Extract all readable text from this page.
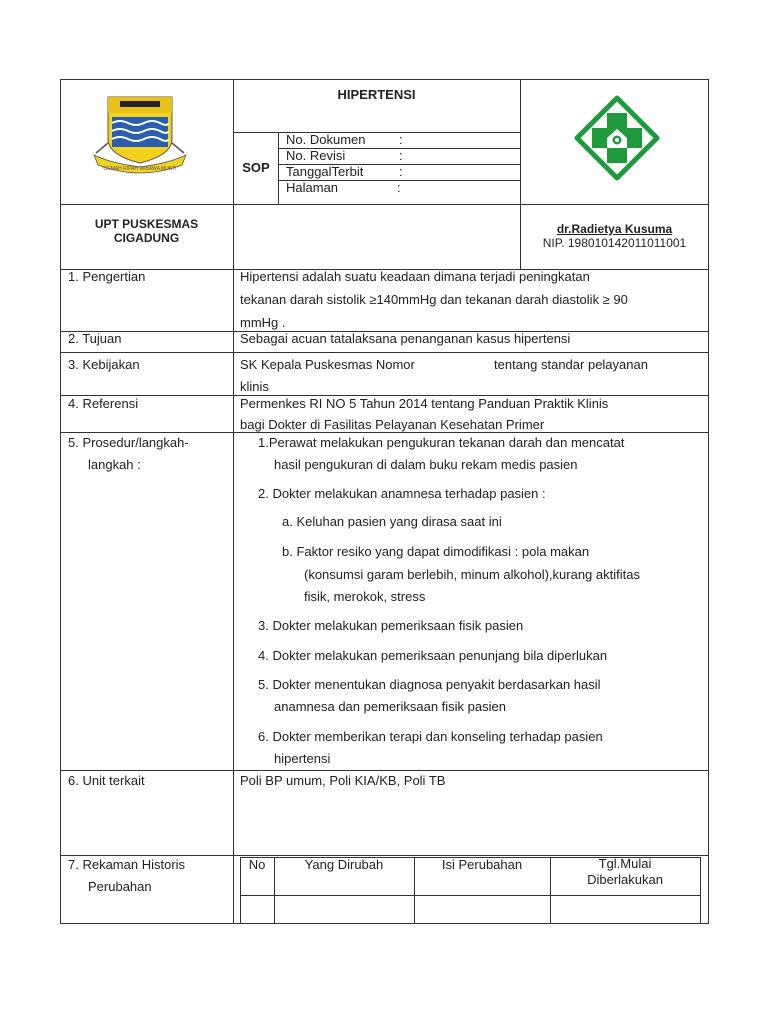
GEMAH RIPAH WIBAWA MUKTI
HIPERTENSI
SOP
No. Dokumen	:
No. Revisi	:
TanggalTerbit	:
Halaman	:
UPT PUSKESMAS
CIGADUNG
dr.Radietya Kusuma
NIP. 198010142011011001
1. Pengertian	Hipertensi adalah suatu keadaan dimana terjadi peningkatan
tekanan darah sistolik ≥140mmHg dan tekanan darah diastolik ≥ 90
mmHg .
2. Tujuan	Sebagai acuan tatalaksana penanganan kasus hipertensi
3. Kebijakan	SK Kepala Puskesmas Nomor	tentang standar pelayanan
klinis
4. Referensi	Permenkes RI NO 5 Tahun 2014 tentang Panduan Praktik Klinis
bagi Dokter di Fasilitas Pelayanan Kesehatan Primer
5. Prosedur/langkah-
langkah :
1.Perawat melakukan pengukuran tekanan darah dan mencatat
hasil pengukuran di dalam buku rekam medis pasien
2. Dokter melakukan anamnesa terhadap pasien :
a. Keluhan pasien yang dirasa saat ini
b. Faktor resiko yang dapat dimodifikasi : pola makan
(konsumsi garam berlebih, minum alkohol),kurang aktifitas
fisik, merokok, stress
3. Dokter melakukan pemeriksaan fisik pasien
4. Dokter melakukan pemeriksaan penunjang bila diperlukan
5. Dokter menentukan diagnosa penyakit berdasarkan hasil
anamnesa dan pemeriksaan fisik pasien
6. Dokter memberikan terapi dan konseling terhadap pasien
hipertensi
6. Unit terkait	Poli BP umum, Poli KIA/KB, Poli TB
7. Rekaman Historis
Perubahan
No	Yang Dirubah	Isi Perubahan	Tgl.Mulai
Diberlakukan
